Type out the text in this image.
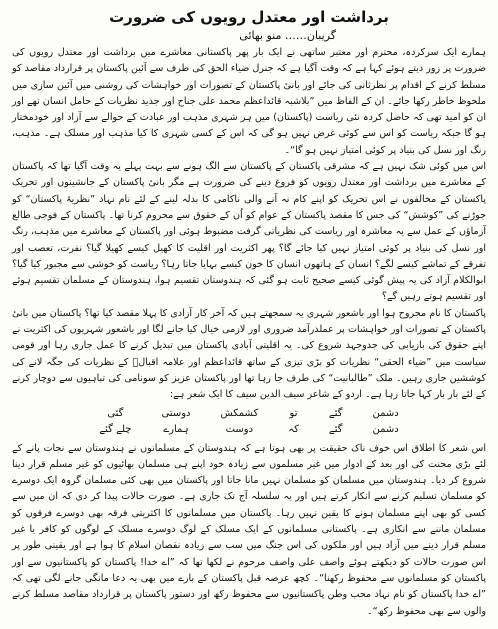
برداشت اور معتدل رویوں کی ضرورت

گریبان…… منو بھائی

ہمارے ایک سرکردہ، محترم اور معتبر ساتھی نے ایک بار پھر پاکستانی معاشرے میں برداشت اور معتدل رویوں کی ضرورت پر زور دیتے ہوئے کہا ہے کہ وقت آگیا ہے کہ جنرل ضیاء الحق کی طرف سے آئین پاکستان پر قرارداد مقاصد کو مسلط کرنے کے اقدام پر نظرثانی کی جائے اور بانیٔ پاکستان کے تصورات اور خواہشات کی روشنی میں آئین سازی میں ملحوظ خاطر رکھا جائے۔ ان کے الفاظ میں ”بلاشبہ قائداعظم محمد علی جناح اور جدید نظریات کے حامل انسان تھے اور ان کو امید تھی کہ حاصل کردہ نئی ریاست (پاکستان) میں ہر شہری مذہب اور عبادت کے حوالے سے آزاد اور خودمختار ہو گا جبکہ ریاست کو اس سے کوئی غرض نہیں ہو گی کہ اس کے کسی شہری کا کیا مذہب اور مسلک ہے۔ مذہب، رنگ اور نسل کی بنیاد پر کوئی امتیاز نہیں ہو گا“۔

اس میں کوئی شک نہیں ہے کہ مشرقی پاکستان کے پاکستان سے الگ ہونے سے بہت پہلے یہ وقت آگیا تھا کہ پاکستان کے معاشرے میں برداشت اور معتدل رویوں کو فروغ دینے کی ضرورت ہے مگر بانیٔ پاکستان کے جانشینوں اور تحریک پاکستان کے مخالفوں نے اس تحریک کو اپنے کام نہ آنے والی ناکامی کا بدلہ لینے کے لئے نام نہاد ”نظریۂ پاکستان“ کو جوڑنے کی ”کوشش“ کی جس کا مقصد پاکستان کے عوام کو اُن کے حقوق سے محروم کرنا تھا۔ پاکستان کے فوجی طالع آزماؤں کے عمل سے یہ معاشرہ اور ریاست کی نظریاتی گرفت مضبوط ہوئی اور پاکستان کے معاشرے میں مذہب، رنگ اور نسل کی بنیاد پر کوئی امتیاز نہیں کیا جائے گا؟ پھر اکثریت اور اقلیت کا کھیل کیسے کھیلا گیا؟ نفرت، تعصب اور تفرقے کے تماشے کیسے لگے؟ انسان کے ہاتھوں انسان کا خون کیسے بہایا جاتا رہا؟ ریاست کو خوشی سے مجبور کیا گیا؟ ابوالکلام آزاد کی یہ پیش گوئی کیسے صحیح ثابت ہو گئی کہ ہندوستان تقسیم ہوا، ہندوستان کے مسلمان تقسیم ہوئے اور تقسیم ہوتے رہیں گے؟

پاکستان کا نام مجروح ہوا اور باشعور شہری یہ سمجھتے ہیں کہ آخر کار آزادی کا پہلا مقصد کیا تھا؟ پاکستان میں بانیٔ پاکستان کے تصورات اور خواہشات پر عملدرآمد ضروری اور لازمی خیال کیا جانے لگا اور باشعور شہریوں کی اکثریت نے اپنے حقوق کی بازیابی کی جدوجہد شروع کی۔ یہ اقلیتی آبادی پاکستان میں تبدیل کرنے کا عمل جاری رہا اور قومی سیاست میں ”ضیاء الحقی“ نظریات کو بڑی تیزی کے ساتھ قائداعظم اور علامہ اقبالؒ کے نظریات کی جگہ لانے کی کوششیں جاری رہیں۔ ملک ”طالبانیت“ کی طرف جا رہا تھا اور پاکستان عزیز کو سونامی کی تباہیوں سے دوچار کرنے کے لئے بار بار کہا جاتا رہا ہے۔ اردو کے شاعر سیف الدین سیف کا ایک شعر ہے:

دشمن
گئے
تو
کشمکش
دوستی
گئی
دشمن
گئے
کہ
دوست
ہمارے
چلے گئے

اس شعر کا اطلاق اس خوف ناک حقیقت پر بھی ہوتا ہے کہ ہندوستان کے مسلمانوں نے ہندوستان سے نجات پانے کے لئے بڑی محنت کی اور بعد کے ادوار میں غیر مسلموں سے زیادہ خود اپنے ہی مسلمان بھائیوں کو غیر مسلم قرار دینا شروع کر دیا۔ ہندوستان میں مسلمان کو مسلمان نہیں مانا جاتا اور پاکستان میں بھی کئی مسلمان گروہ ایک دوسرے کو مسلمان تسلیم کرنے سے انکار کرتے ہیں اور یہ سلسلہ آج تک جاری ہے۔ صورت حالات پیدا کر دی کہ ان میں سے کسی کو بھی اپنے مسلمان ہونے کا یقین نہیں رہا۔ پاکستان میں مسلمانوں کا اکثریتی فرقہ بھی دوسرے فرقوں کو مسلمان ماننے سے انکاری ہے۔ پاکستانی مسلمانوں کے ایک مسلک کے لوگ دوسرے مسلک کے لوگوں کو کافر یا غیر مسلم قرار دینے میں آزاد ہیں اور ملکوں کی اس جنگ میں سب سے زیادہ نقصان اسلام کا ہوا ہے اور یقینی طور پر اس صورت حالات کو دیکھتے ہوئے واصف علی واصف مرحوم نے لکھا تھا کہ ”اے خدا! پاکستان کو پاکستانیوں سے اور پاکستان کو مسلمانوں سے محفوظ رکھنا“۔ کچھ عرصہ قبل پاکستان کے بارے میں بھی یہ دعا مانگی جانے لگی تھی کہ ”اے خدا پاکستان کو نام نہاد محب وطن پاکستانیوں سے محفوظ رکھ اور دستور پاکستان پر قرارداد مقاصد مسلط کرنے والوں سے بھی محفوظ رکھ“۔
